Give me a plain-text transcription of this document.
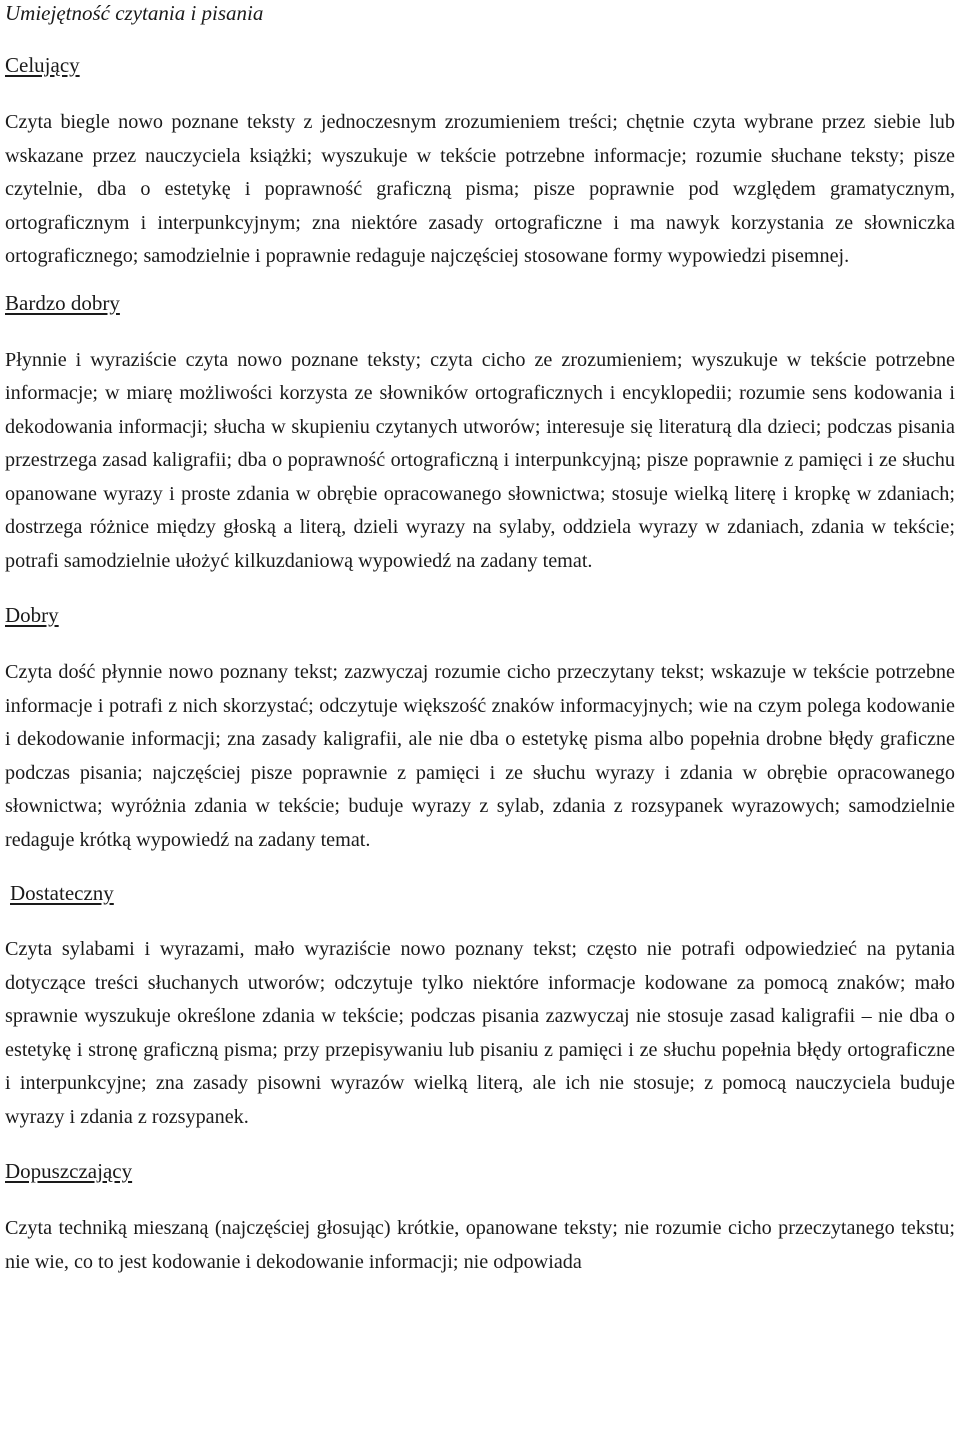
Umiejętność czytania i pisania
Celujący

Czyta biegle nowo poznane teksty z jednoczesnym zrozumieniem treści; chętnie czyta wybrane przez siebie lub wskazane przez nauczyciela książki; wyszukuje w tekście potrzebne informacje; rozumie słuchane teksty; pisze czytelnie, dba o estetykę i poprawność graficzną pisma; pisze poprawnie pod względem gramatycznym, ortograficznym i interpunkcyjnym; zna niektóre zasady ortograficzne i ma nawyk korzystania ze słowniczka ortograficznego; samodzielnie i poprawnie redaguje najczęściej stosowane formy wypowiedzi pisemnej.

Bardzo dobry

Płynnie i wyraziście czyta nowo poznane teksty; czyta cicho ze zrozumieniem; wyszukuje w tekście potrzebne informacje; w miarę możliwości korzysta ze słowników ortograficznych i encyklopedii; rozumie sens kodowania i dekodowania informacji; słucha w skupieniu czytanych utworów; interesuje się literaturą dla dzieci; podczas pisania przestrzega zasad kaligrafii; dba o poprawność ortograficzną i interpunkcyjną; pisze poprawnie z pamięci i ze słuchu opanowane wyrazy i proste zdania w obrębie opracowanego słownictwa; stosuje wielką literę i kropkę w zdaniach; dostrzega różnice między głoską a literą, dzieli wyrazy na sylaby, oddziela wyrazy w zdaniach, zdania w tekście; potrafi samodzielnie ułożyć kilkuzdaniową wypowiedź na zadany temat.

Dobry

Czyta dość płynnie nowo poznany tekst; zazwyczaj rozumie cicho przeczytany tekst; wskazuje w tekście potrzebne informacje i potrafi z nich skorzystać; odczytuje większość znaków informacyjnych; wie na czym polega kodowanie i dekodowanie informacji; zna zasady kaligrafii, ale nie dba o estetykę pisma albo popełnia drobne błędy graficzne podczas pisania; najczęściej pisze poprawnie z pamięci i ze słuchu wyrazy i zdania w obrębie opracowanego słownictwa; wyróżnia zdania w tekście; buduje wyrazy z sylab, zdania z rozsypanek wyrazowych; samodzielnie redaguje krótką wypowiedź na zadany temat.

Dostateczny

Czyta sylabami i wyrazami, mało wyraziście nowo poznany tekst; często nie potrafi odpowiedzieć na pytania dotyczące treści słuchanych utworów; odczytuje tylko niektóre informacje kodowane za pomocą znaków; mało sprawnie wyszukuje określone zdania w tekście; podczas pisania zazwyczaj nie stosuje zasad kaligrafii – nie dba o estetykę i stronę graficzną pisma; przy przepisywaniu lub pisaniu z pamięci i ze słuchu popełnia błędy ortograficzne i interpunkcyjne; zna zasady pisowni wyrazów wielką literą, ale ich nie stosuje; z pomocą nauczyciela buduje wyrazy i zdania z rozsypanek.

Dopuszczający

Czyta techniką mieszaną (najczęściej głosując) krótkie, opanowane teksty; nie rozumie cicho przeczytanego tekstu; nie wie, co to jest kodowanie i dekodowanie informacji; nie odpowiada
